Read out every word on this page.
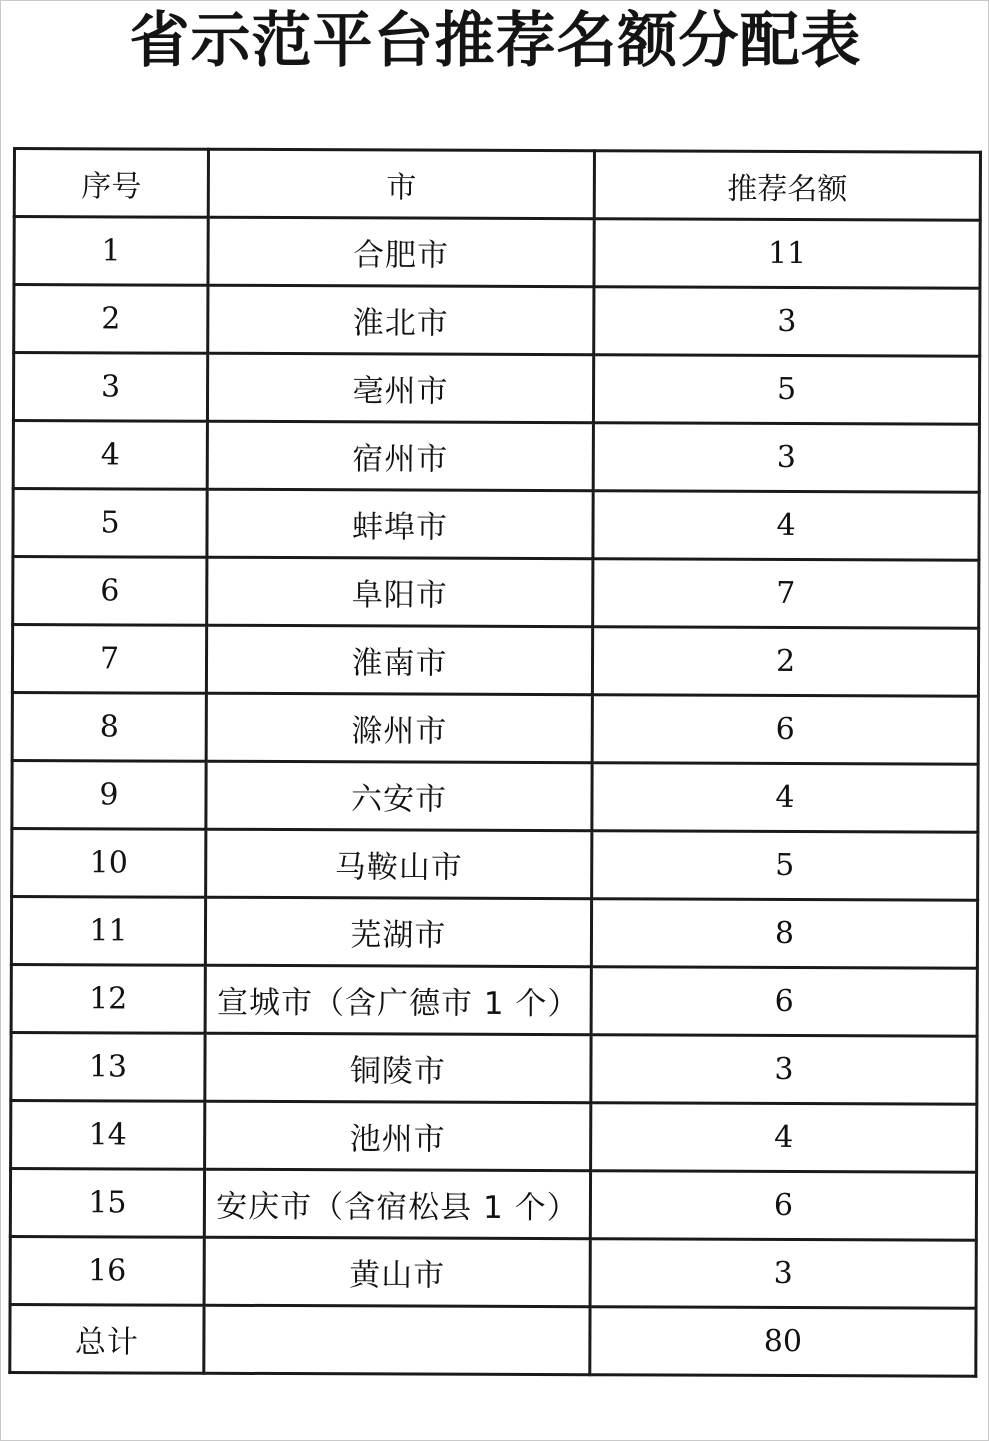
省示范平台推荐名额分配表
序号	市	推荐名额
1	合肥市	11
2	淮北市	3
3	亳州市	5
4	宿州市	3
5	蚌埠市	4
6	阜阳市	7
7	淮南市	2
8	滁州市	6
9	六安市	4
10	马鞍山市	5
11	芜湖市	8
12	宣城市（含广德市 1 个）	6
13	铜陵市	3
14	池州市	4
15	安庆市（含宿松县 1 个）	6
16	黄山市	3
总计		80
